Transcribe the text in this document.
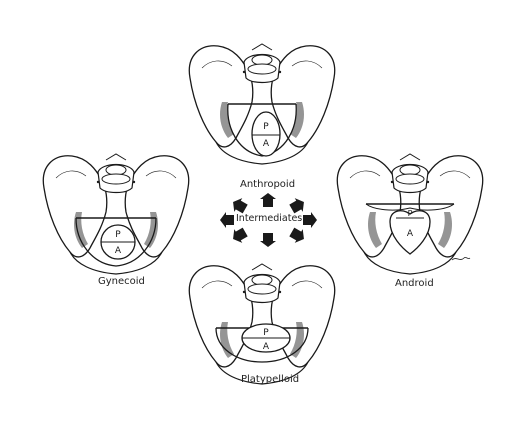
P
A
P
A
P
A
P
A
Anthropoid
Gynecoid	Android
Platypelloid
Intermediates
